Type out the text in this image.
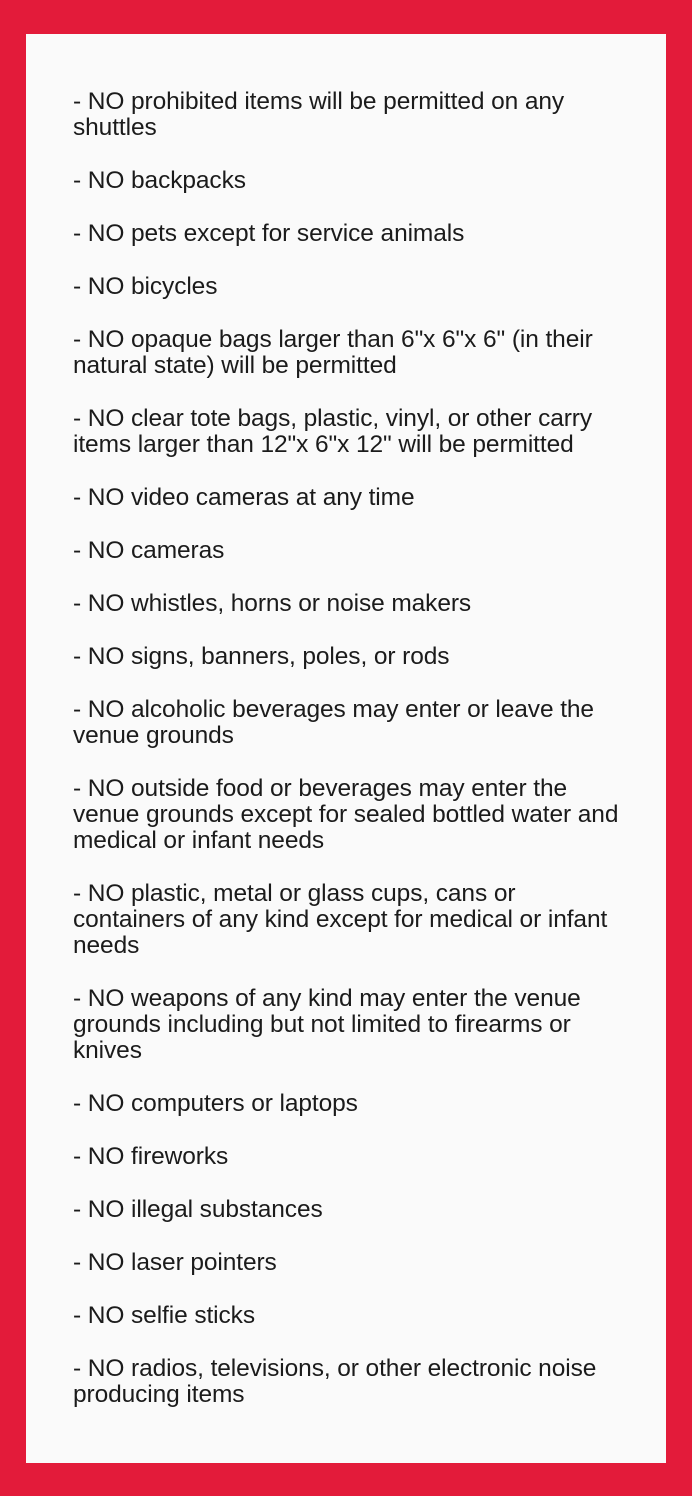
- NO prohibited items will be permitted on any shuttles
- NO backpacks
- NO pets except for service animals
- NO bicycles
- NO opaque bags larger than 6"x 6"x 6" (in their natural state) will be permitted
- NO clear tote bags, plastic, vinyl, or other carry items larger than 12"x 6"x 12" will be permitted
- NO video cameras at any time
- NO cameras
- NO whistles, horns or noise makers
- NO signs, banners, poles, or rods
- NO alcoholic beverages may enter or leave the venue grounds
- NO outside food or beverages may enter the venue grounds except for sealed bottled water and medical or infant needs
- NO plastic, metal or glass cups, cans or containers of any kind except for medical or infant needs
- NO weapons of any kind may enter the venue grounds including but not limited to firearms or knives
- NO computers or laptops
- NO fireworks
- NO illegal substances
- NO laser pointers
- NO selfie sticks
- NO radios, televisions, or other electronic noise producing items
